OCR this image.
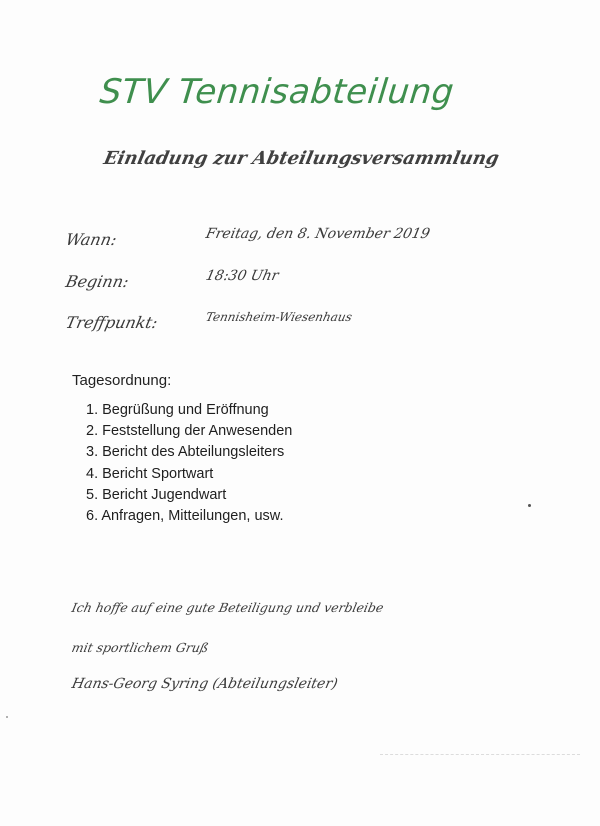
STV Tennisabteilung
Einladung zur Abteilungsversammlung
Wann:	Freitag, den 8. November 2019
Beginn:	18:30 Uhr
Treffpunkt:	Tennisheim-Wiesenhaus
Tagesordnung:
1. Begrüßung und Eröffnung
2. Feststellung der Anwesenden
3. Bericht des Abteilungsleiters
4. Bericht Sportwart
5. Bericht Jugendwart
6. Anfragen, Mitteilungen, usw.
Ich hoffe auf eine gute Beteiligung und verbleibe
mit sportlichem Gruß
Hans-Georg Syring (Abteilungsleiter)
